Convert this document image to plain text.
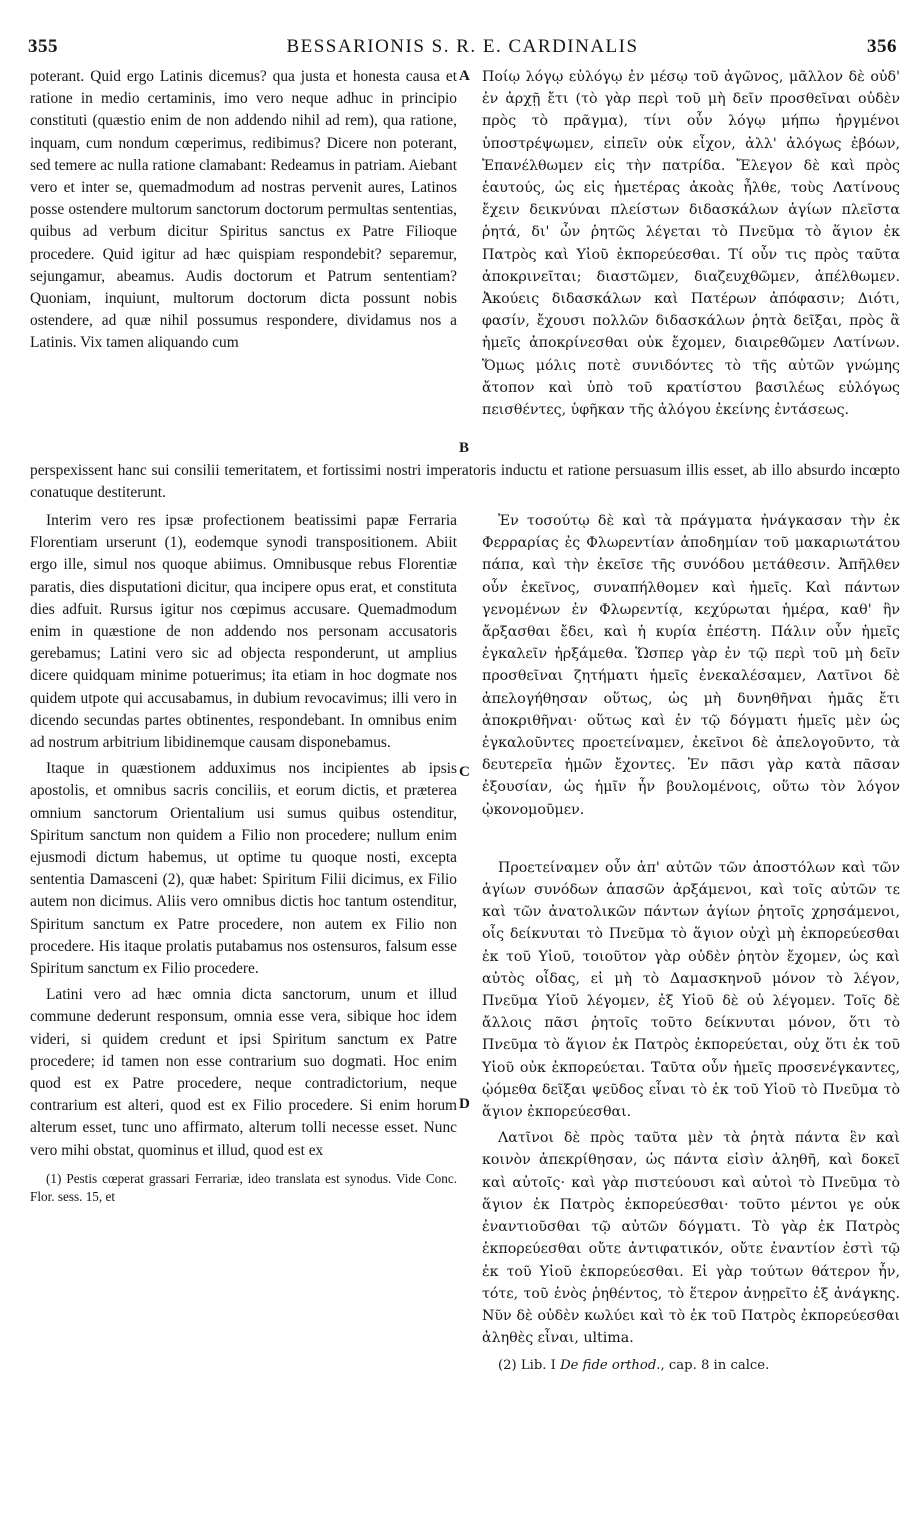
355	BESSARIONIS S. R. E. CARDINALIS	356
A
B
C
D

poterant. Quid ergo Latinis dicemus? qua justa et honesta causa et ratione in medio certaminis, imo vero neque adhuc in principio constituti (quæstio enim de non addendo nihil ad rem), qua ratione, inquam, cum nondum cœperimus, redibimus? Dicere non poterant, sed temere ac nulla ratione clamabant: Redeamus in patriam. Aiebant vero et inter se, quemadmodum ad nostras pervenit aures, Latinos posse ostendere multorum sanctorum doctorum permultas sententias, quibus ad verbum dicitur Spiritus sanctus ex Patre Filioque procedere. Quid igitur ad hæc quispiam respondebit? separemur, sejungamur, abeamus. Audis doctorum et Patrum sententiam? Quoniam, inquiunt, multorum doctorum dicta possunt nobis ostendere, ad quæ nihil possumus respondere, dividamus nos a Latinis. Vix tamen aliquando cum

Ποίῳ λόγῳ εὐλόγῳ ἐν μέσῳ τοῦ ἀγῶνος, μᾶλλον δὲ οὐδ' ἐν ἀρχῇ ἔτι (τὸ γὰρ περὶ τοῦ μὴ δεῖν προσθεῖναι οὐδὲν πρὸς τὸ πρᾶγμα), τίνι οὖν λόγῳ μήπω ἠργμένοι ὑποστρέψωμεν, εἰπεῖν οὐκ εἶχον, ἀλλ' ἀλόγως ἐβόων, Ἐπανέλθωμεν εἰς τὴν πατρίδα. Ἔλεγον δὲ καὶ πρὸς ἑαυτούς, ὡς εἰς ἡμετέρας ἀκοὰς ἦλθε, τοὺς Λατίνους ἔχειν δεικνύναι πλείστων διδασκάλων ἁγίων πλεῖστα ῥητά, δι' ὧν ῥητῶς λέγεται τὸ Πνεῦμα τὸ ἅγιον ἐκ Πατρὸς καὶ Υἱοῦ ἐκπορεύεσθαι. Τί οὖν τις πρὸς ταῦτα ἀποκρινεῖται; διαστῶμεν, διαζευχθῶμεν, ἀπέλθωμεν. Ἀκούεις διδασκάλων καὶ Πατέρων ἀπόφασιν; Διότι, φασίν, ἔχουσι πολλῶν διδασκάλων ῥητὰ δεῖξαι, πρὸς ἃ ἡμεῖς ἀποκρίνεσθαι οὐκ ἔχομεν, διαιρεθῶμεν Λατίνων. Ὅμως μόλις ποτὲ συνιδόντες τὸ τῆς αὐτῶν γνώμης ἄτοπον καὶ ὑπὸ τοῦ κρατίστου βασιλέως εὐλόγως πεισθέντες, ὑφῆκαν τῆς ἀλόγου ἐκείνης ἐντάσεως.

perspexissent hanc sui consilii temeritatem, et fortissimi nostri imperatoris inductu et ratione persuasum illis esset, ab illo absurdo incœpto conatuque destiterunt.

Interim vero res ipsæ profectionem beatissimi papæ Ferraria Florentiam urserunt (1), eodemque synodi transpositionem. Abiit ergo ille, simul nos quoque abiimus. Omnibusque rebus Florentiæ paratis, dies disputationi dicitur, qua incipere opus erat, et constituta dies adfuit. Rursus igitur nos cœpimus accusare. Quemadmodum enim in quæstione de non addendo nos personam accusatoris gerebamus; Latini vero sic ad objecta responderunt, ut amplius dicere quidquam minime potuerimus; ita etiam in hoc dogmate nos quidem utpote qui accusabamus, in dubium revocavimus; illi vero in dicendo secundas partes obtinentes, respondebant. In omnibus enim ad nostrum arbitrium libidinemque causam disponebamus.

Itaque in quæstionem adduximus nos incipientes ab ipsis apostolis, et omnibus sacris conciliis, et eorum dictis, et præterea omnium sanctorum Orientalium usi sumus quibus ostenditur, Spiritum sanctum non quidem a Filio non procedere; nullum enim ejusmodi dictum habemus, ut optime tu quoque nosti, excepta sententia Damasceni (2), quæ habet: Spiritum Filii dicimus, ex Filio autem non dicimus. Aliis vero omnibus dictis hoc tantum ostenditur, Spiritum sanctum ex Patre procedere, non autem ex Filio non procedere. His itaque prolatis putabamus nos ostensuros, falsum esse Spiritum sanctum ex Filio procedere.

Latini vero ad hæc omnia dicta sanctorum, unum et illud commune dederunt responsum, omnia esse vera, sibique hoc idem videri, si quidem credunt et ipsi Spiritum sanctum ex Patre procedere; id tamen non esse contrarium suo dogmati. Hoc enim quod est ex Patre procedere, neque contradictorium, neque contrarium est alteri, quod est ex Filio procedere. Si enim horum alterum esset, tunc uno affirmato, alterum tolli necesse esset. Nunc vero mihi obstat, quominus et illud, quod est ex

(1) Pestis cœperat grassari Ferrariæ, ideo translata est synodus. Vide Conc. Flor. sess. 15, et

Ἐν τοσούτῳ δὲ καὶ τὰ πράγματα ἠνάγκασαν τὴν ἐκ Φερραρίας ἐς Φλωρεντίαν ἀποδημίαν τοῦ μακαριωτάτου πάπα, καὶ τὴν ἐκεῖσε τῆς συνόδου μετάθεσιν. Ἀπῆλθεν οὖν ἐκεῖνος, συναπήλθομεν καὶ ἡμεῖς. Καὶ πάντων γενομένων ἐν Φλωρεντίᾳ, κεχύρωται ἡμέρα, καθ' ἣν ἄρξασθαι ἔδει, καὶ ἡ κυρία ἐπέστη. Πάλιν οὖν ἡμεῖς ἐγκαλεῖν ἠρξάμεθα. Ὥσπερ γὰρ ἐν τῷ περὶ τοῦ μὴ δεῖν προσθεῖναι ζητήματι ἡμεῖς ἐνεκαλέσαμεν, Λατῖνοι δὲ ἀπελογήθησαν οὕτως, ὡς μὴ δυνηθῆναι ἡμᾶς ἔτι ἀποκριθῆναι· οὕτως καὶ ἐν τῷ δόγματι ἡμεῖς μὲν ὡς ἐγκαλοῦντες προετείναμεν, ἐκεῖνοι δὲ ἀπελογοῦντο, τὰ δευτερεῖα ἡμῶν ἔχοντες. Ἐν πᾶσι γὰρ κατὰ πᾶσαν ἐξουσίαν, ὡς ἡμῖν ἦν βουλομένοις, οὕτω τὸν λόγον ᾠκονομοῦμεν.

Προετείναμεν οὖν ἀπ' αὐτῶν τῶν ἀποστόλων καὶ τῶν ἁγίων συνόδων ἁπασῶν ἀρξάμενοι, καὶ τοῖς αὐτῶν τε καὶ τῶν ἀνατολικῶν πάντων ἁγίων ῥητοῖς χρησάμενοι, οἷς δείκνυται τὸ Πνεῦμα τὸ ἅγιον οὐχὶ μὴ ἐκπορεύεσθαι ἐκ τοῦ Υἱοῦ, τοιοῦτον γὰρ οὐδὲν ῥητὸν ἔχομεν, ὡς καὶ αὐτὸς οἶδας, εἰ μὴ τὸ Δαμασκηνοῦ μόνον τὸ λέγον, Πνεῦμα Υἱοῦ λέγομεν, ἐξ Υἱοῦ δὲ οὐ λέγομεν. Τοῖς δὲ ἄλλοις πᾶσι ῥητοῖς τοῦτο δείκνυται μόνον, ὅτι τὸ Πνεῦμα τὸ ἅγιον ἐκ Πατρὸς ἐκπορεύεται, οὐχ ὅτι ἐκ τοῦ Υἱοῦ οὐκ ἐκπορεύεται. Ταῦτα οὖν ἡμεῖς προσενέγκαντες, ᾠόμεθα δεῖξαι ψεῦδος εἶναι τὸ ἐκ τοῦ Υἱοῦ τὸ Πνεῦμα τὸ ἅγιον ἐκπορεύεσθαι.

Λατῖνοι δὲ πρὸς ταῦτα μὲν τὰ ῥητὰ πάντα ἓν καὶ κοινὸν ἀπεκρίθησαν, ὡς πάντα εἰσὶν ἀληθῆ, καὶ δοκεῖ καὶ αὐτοῖς· καὶ γὰρ πιστεύουσι καὶ αὐτοὶ τὸ Πνεῦμα τὸ ἅγιον ἐκ Πατρὸς ἐκπορεύεσθαι· τοῦτο μέντοι γε οὐκ ἐναντιοῦσθαι τῷ αὐτῶν δόγματι. Τὸ γὰρ ἐκ Πατρὸς ἐκπορεύεσθαι οὔτε ἀντιφατικόν, οὔτε ἐναντίον ἐστὶ τῷ ἐκ τοῦ Υἱοῦ ἐκπορεύεσθαι. Εἰ γὰρ τούτων θάτερον ἦν, τότε, τοῦ ἑνὸς ῥηθέντος, τὸ ἕτερον ἀνῃρεῖτο ἐξ ἀνάγκης. Νῦν δὲ οὐδὲν κωλύει καὶ τὸ ἐκ τοῦ Πατρὸς ἐκπορεύεσθαι ἀληθὲς εἶναι, ultima.

(2) Lib. I De fide orthod., cap. 8 in calce.
